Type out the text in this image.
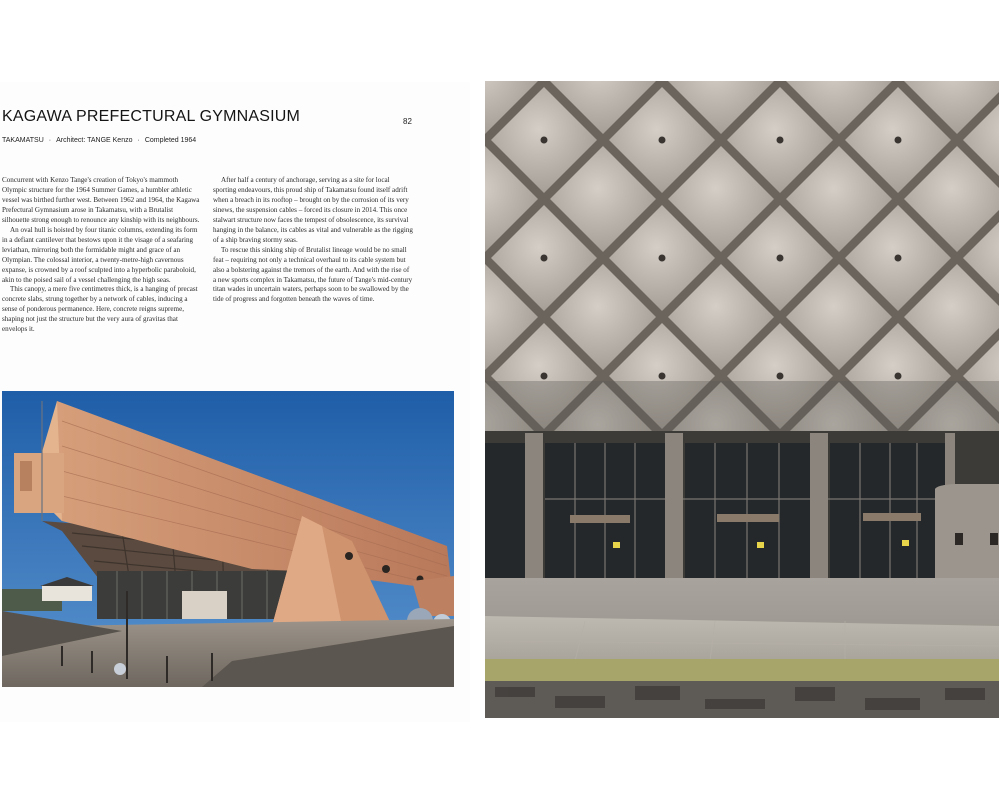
KAGAWA PREFECTURAL GYMNASIUM	82
TAKAMATSU · Architect: TANGE Kenzo · Completed 1964

Concurrent with Kenzo Tange's creation of Tokyo's mammoth Olympic structure for the 1964 Summer Games, a humbler athletic vessel was birthed further west. Between 1962 and 1964, the Kagawa Prefectural Gymnasium arose in Takamatsu, with a Brutalist silhouette strong enough to renounce any kinship with its neighbours.

An oval hull is hoisted by four titanic columns, extending its form in a defiant cantilever that bestows upon it the visage of a seafaring leviathan, mirroring both the formidable might and grace of an Olympian. The colossal interior, a twenty-metre-high cavernous expanse, is crowned by a roof sculpted into a hyperbolic paraboloid, akin to the poised sail of a vessel challenging the high seas.

This canopy, a mere five centimetres thick, is a hanging of precast concrete slabs, strung together by a network of cables, inducing a sense of ponderous permanence. Here, concrete reigns supreme, shaping not just the structure but the very aura of gravitas that envelops it.

After half a century of anchorage, serving as a site for local sporting endeavours, this proud ship of Takamatsu found itself adrift when a breach in its rooftop – brought on by the corrosion of its very sinews, the suspension cables – forced its closure in 2014. This once stalwart structure now faces the tempest of obsolescence, its survival hanging in the balance, its cables as vital and vulnerable as the rigging of a ship braving stormy seas.

To rescue this sinking ship of Brutalist lineage would be no small feat – requiring not only a technical overhaul to its cable system but also a bolstering against the tremors of the earth. And with the rise of a new sports complex in Takamatsu, the future of Tange's mid-century titan wades in uncertain waters, perhaps soon to be swallowed by the tide of progress and forgotten beneath the waves of time.
